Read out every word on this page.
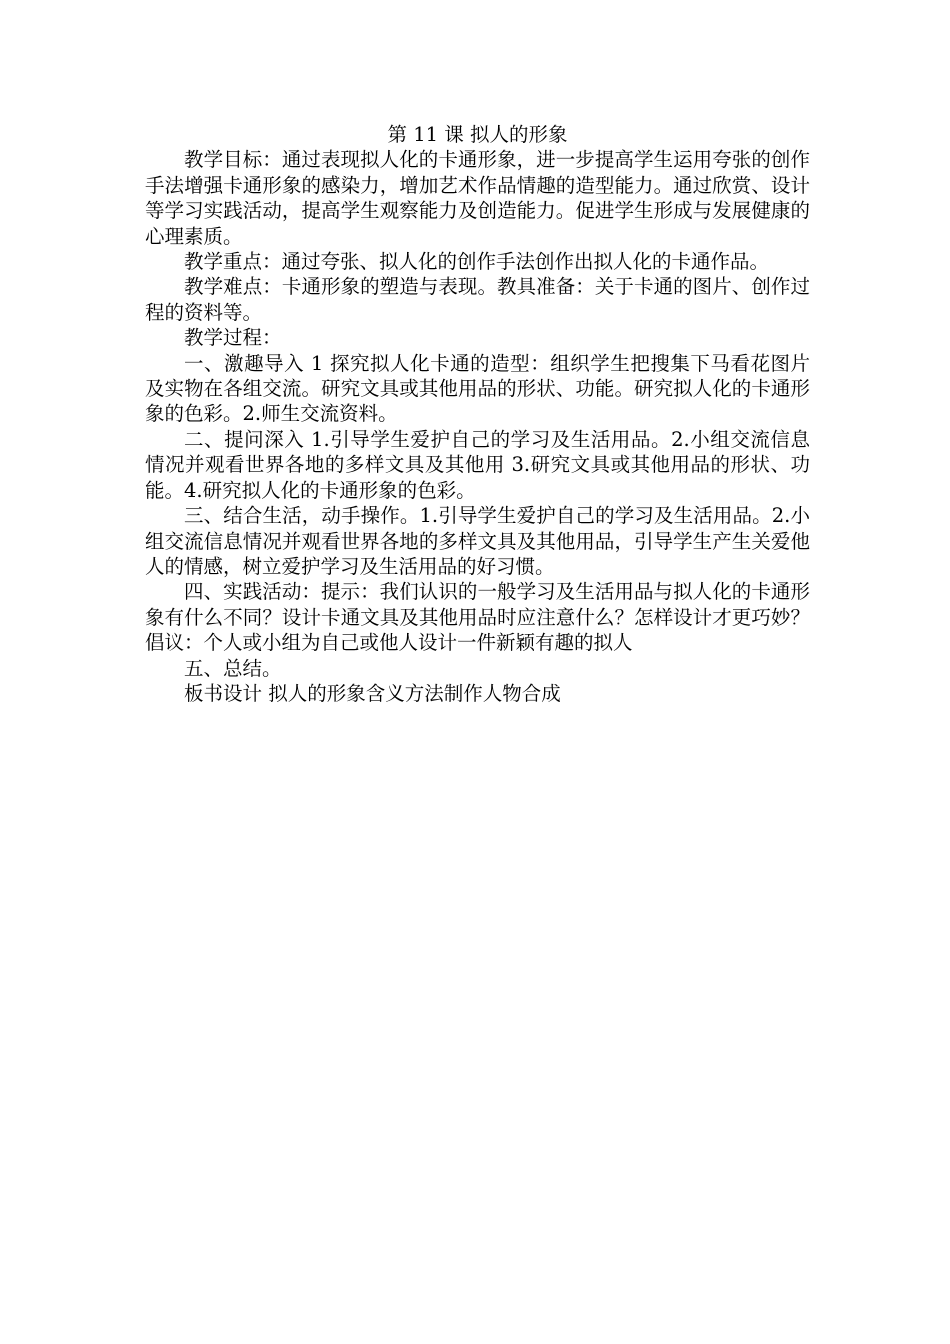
第 11 课 拟人的形象

教学目标：通过表现拟人化的卡通形象，进一步提高学生运用夸张的创作手法增强卡通形象的感染力，增加艺术作品情趣的造型能力。通过欣赏、设计等学习实践活动，提高学生观察能力及创造能力。促进学生形成与发展健康的心理素质。

教学重点：通过夸张、拟人化的创作手法创作出拟人化的卡通作品。

教学难点：卡通形象的塑造与表现。教具准备：关于卡通的图片、创作过程的资料等。

教学过程：

一、激趣导入 1 探究拟人化卡通的造型：组织学生把搜集下马看花图片及实物在各组交流。研究文具或其他用品的形状、功能。研究拟人化的卡通形象的色彩。2.师生交流资料。

二、提问深入 1.引导学生爱护自己的学习及生活用品。2.小组交流信息情况并观看世界各地的多样文具及其他用 3.研究文具或其他用品的形状、功能。4.研究拟人化的卡通形象的色彩。

三、结合生活，动手操作。1.引导学生爱护自己的学习及生活用品。2.小组交流信息情况并观看世界各地的多样文具及其他用品，引导学生产生关爱他人的情感，树立爱护学习及生活用品的好习惯。

四、实践活动：提示：我们认识的一般学习及生活用品与拟人化的卡通形象有什么不同？设计卡通文具及其他用品时应注意什么？怎样设计才更巧妙？倡议：个人或小组为自己或他人设计一件新颖有趣的拟人

五、总结。

板书设计 拟人的形象含义方法制作人物合成
